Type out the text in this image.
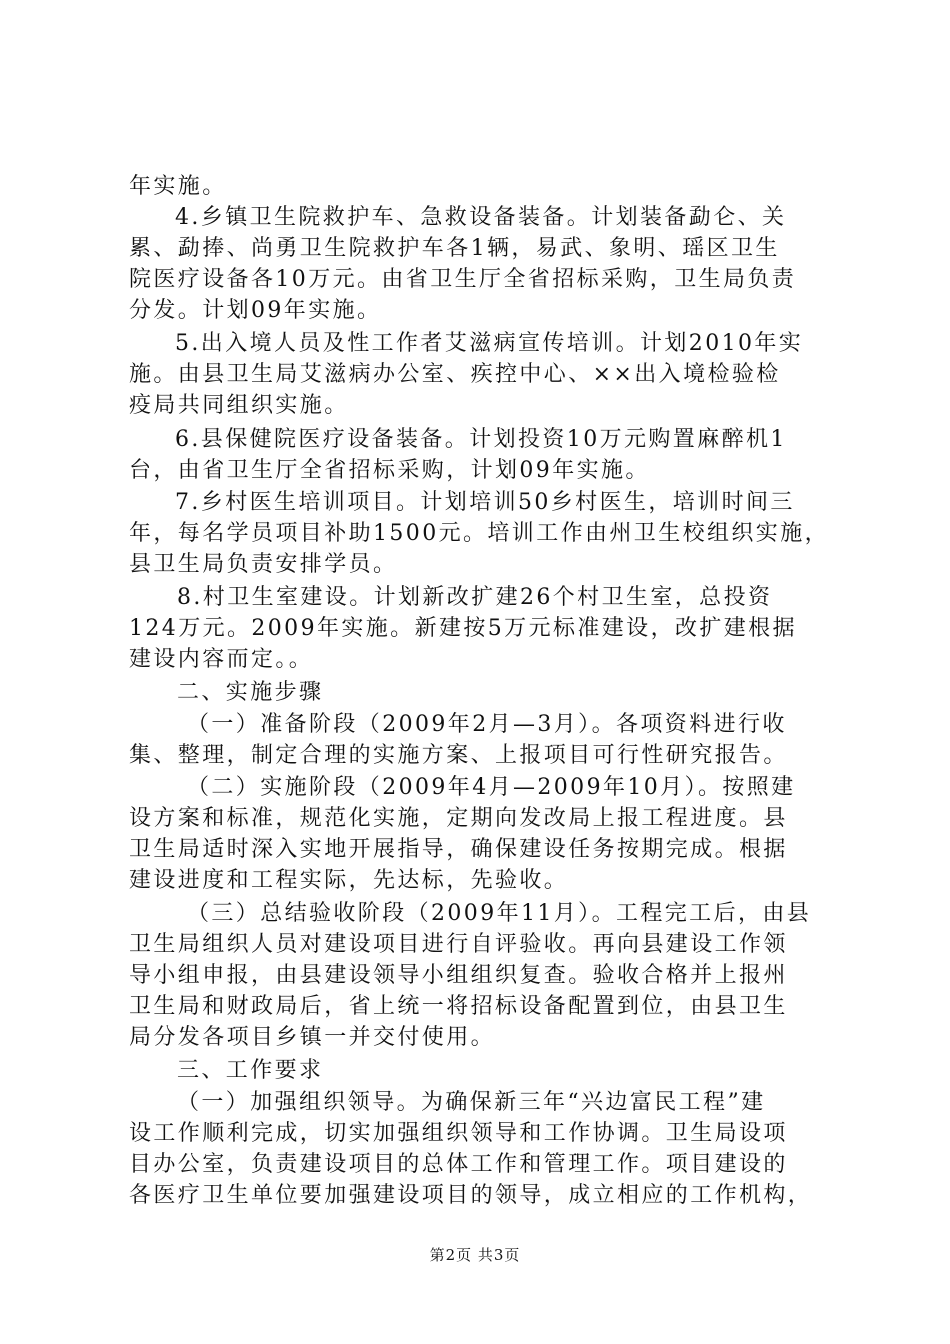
年实施。
4.乡镇卫生院救护车、急救设备装备。计划装备勐仑、关
累、勐捧、尚勇卫生院救护车各1辆，易武、象明、瑶区卫生
院医疗设备各10万元。由省卫生厅全省招标采购，卫生局负责
分发。计划09年实施。
5.出入境人员及性工作者艾滋病宣传培训。计划2010年实
施。由县卫生局艾滋病办公室、疾控中心、××出入境检验检
疫局共同组织实施。
6.县保健院医疗设备装备。计划投资10万元购置麻醉机1
台，由省卫生厅全省招标采购，计划09年实施。
7.乡村医生培训项目。计划培训50乡村医生，培训时间三
年，每名学员项目补助1500元。培训工作由州卫生校组织实施，
县卫生局负责安排学员。
8.村卫生室建设。计划新改扩建26个村卫生室，总投资
124万元。2009年实施。新建按5万元标准建设，改扩建根据
建设内容而定。。
二、实施步骤
（一）准备阶段（2009年2月—3月）。各项资料进行收
集、整理，制定合理的实施方案、上报项目可行性研究报告。
（二）实施阶段（2009年4月—2009年10月）。按照建
设方案和标准，规范化实施，定期向发改局上报工程进度。县
卫生局适时深入实地开展指导，确保建设任务按期完成。根据
建设进度和工程实际，先达标，先验收。
（三）总结验收阶段（2009年11月）。工程完工后，由县
卫生局组织人员对建设项目进行自评验收。再向县建设工作领
导小组申报，由县建设领导小组组织复查。验收合格并上报州
卫生局和财政局后，省上统一将招标设备配置到位，由县卫生
局分发各项目乡镇一并交付使用。
三、工作要求
（一）加强组织领导。为确保新三年“兴边富民工程”建
设工作顺利完成，切实加强组织领导和工作协调。卫生局设项
目办公室，负责建设项目的总体工作和管理工作。项目建设的
各医疗卫生单位要加强建设项目的领导，成立相应的工作机构，
第2页 共3页
